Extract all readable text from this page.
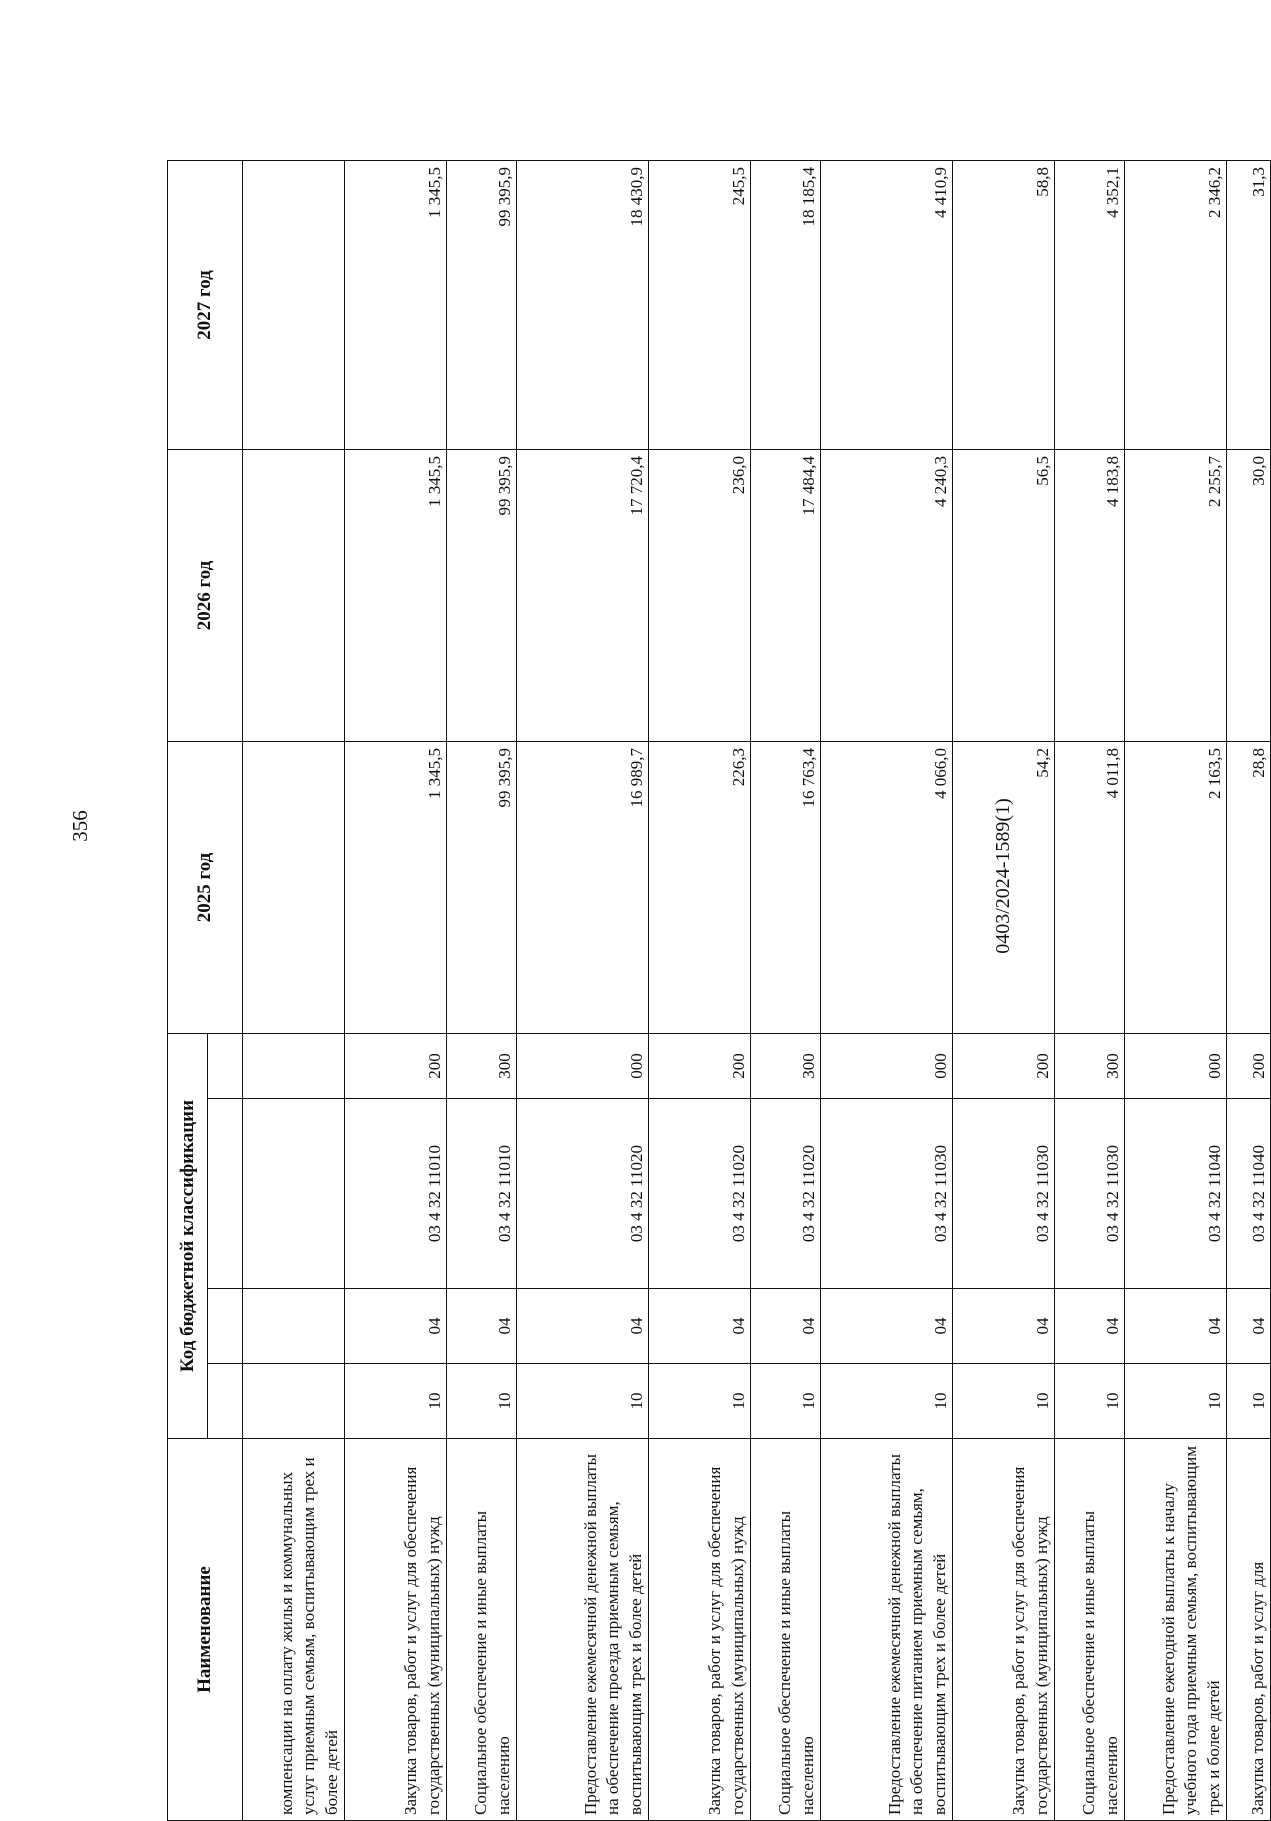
356
Наименование	Код бюджетной классификации				2025 год	2026 год	2027 год

компенсации на оплату жилья и коммунальных услуг приемным семьям, воспитывающим трех и более детей							
Закупка товаров, работ и услуг для обеспечения государственных (муниципальных) нужд	10	04	03 4 32 11010	200	1 345,5	1 345,5	1 345,5
Социальное обеспечение и иные выплаты населению	10	04	03 4 32 11010	300	99 395,9	99 395,9	99 395,9
Предоставление ежемесячной денежной выплаты на обеспечение проезда приемным семьям, воспитывающим трех и более детей	10	04	03 4 32 11020	000	16 989,7	17 720,4	18 430,9
Закупка товаров, работ и услуг для обеспечения государственных (муниципальных) нужд	10	04	03 4 32 11020	200	226,3	236,0	245,5
Социальное обеспечение и иные выплаты населению	10	04	03 4 32 11020	300	16 763,4	17 484,4	18 185,4
Предоставление ежемесячной денежной выплаты на обеспечение питанием приемным семьям, воспитывающим трех и более детей	10	04	03 4 32 11030	000	4 066,0	4 240,3	4 410,9
Закупка товаров, работ и услуг для обеспечения государственных (муниципальных) нужд	10	04	03 4 32 11030	200	54,2	56,5	58,8
Социальное обеспечение и иные выплаты населению	10	04	03 4 32 11030	300	4 011,8	4 183,8	4 352,1
Предоставление ежегодной выплаты к началу учебного года приемным семьям, воспитывающим трех и более детей	10	04	03 4 32 11040	000	2 163,5	2 255,7	2 346,2
Закупка товаров, работ и услуг для	10	04	03 4 32 11040	200	28,8	30,0	31,3
0403/2024-1589(1)
